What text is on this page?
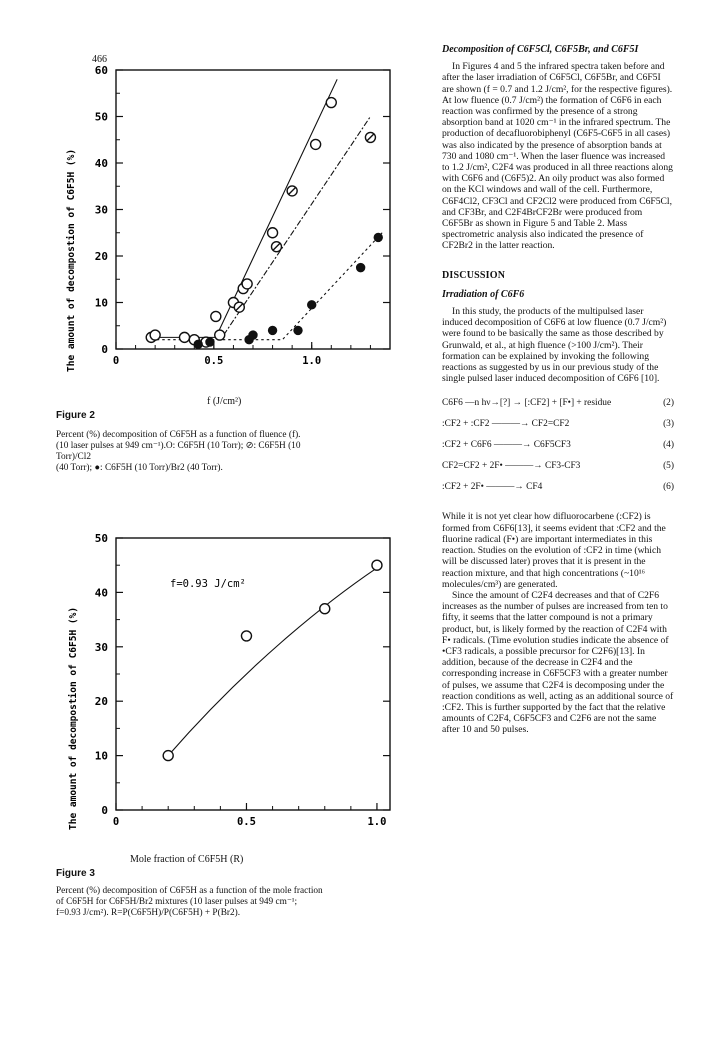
466
0
10
20
30
40
50
60
0	0.5	1.0
The amount of decompostion of C6F5H (%)
f (J/cm²)
Figure 2
Percent (%) decomposition of C6F5H as a function of fluence (f).
(10 laser pulses at 949 cm⁻¹).O: C6F5H (10 Torr); ⊘: C6F5H (10
Torr)/Cl2
(40 Torr); ●: C6F5H (10 Torr)/Br2 (40 Torr).
0
10
20
30
40
50
0	0.5	1.0
f=0.93 J/cm²
The amount of decompostion of C6F5H (%)
Mole fraction of C6F5H (R)
Figure 3
Percent (%) decomposition of C6F5H as a function of the mole fraction
of C6F5H for C6F5H/Br2 mixtures (10 laser pulses at 949 cm⁻¹;
f=0.93 J/cm²). R=P(C6F5H)/P(C6F5H) + P(Br2).
Decomposition of C6F5Cl, C6F5Br, and C6F5I

In Figures 4 and 5 the infrared spectra taken before and after the laser irradiation of C6F5Cl, C6F5Br, and C6F5I are shown (f = 0.7 and 1.2 J/cm², for the respective figures). At low fluence (0.7 J/cm²) the formation of C6F6 in each reaction was confirmed by the presence of a strong absorption band at 1020 cm⁻¹ in the infrared spectrum. The production of decafluorobiphenyl (C6F5-C6F5 in all cases) was also indicated by the presence of absorption bands at 730 and 1080 cm⁻¹. When the laser fluence was increased to 1.2 J/cm², C2F4 was produced in all three reactions along with C6F6 and (C6F5)2. An oily product was also formed on the KCl windows and wall of the cell. Furthermore, C6F4Cl2, CF3Cl and CF2Cl2 were produced from C6F5Cl, and CF3Br, and C2F4BrCF2Br were produced from C6F5Br as shown in Figure 5 and Table 2. Mass spectrometric analysis also indicated the presence of CF2Br2 in the latter reaction.

DISCUSSION
Irradiation of C6F6

In this study, the products of the multipulsed laser induced decomposition of C6F6 at low fluence (0.7 J/cm²) were found to be basically the same as those described by Grunwald, et al., at high fluence (>100 J/cm²). Their formation can be explained by invoking the following reactions as suggested by us in our previous study of the single pulsed laser induced decomposition of C6F6 [10].

C6F6 —n hν→[?] → [:CF2] + [F•] + residue	(2)
:CF2 + :CF2 ———→ CF2=CF2	(3)
:CF2 + C6F6 ———→ C6F5CF3	(4)
CF2=CF2 + 2F• ———→ CF3-CF3	(5)
:CF2 + 2F• ———→ CF4	(6)

While it is not yet clear how difluorocarbene (:CF2) is formed from C6F6[13], it seems evident that :CF2 and the fluorine radical (F•) are important intermediates in this reaction. Studies on the evolution of :CF2 in time (which will be discussed later) proves that it is present in the reaction mixture, and that high concentrations (~10¹⁶ molecules/cm³) are generated.

Since the amount of C2F4 decreases and that of C2F6 increases as the number of pulses are increased from ten to fifty, it seems that the latter compound is not a primary product, but, is likely formed by the reaction of C2F4 with F• radicals. (Time evolution studies indicate the absence of •CF3 radicals, a possible precursor for C2F6)[13]. In addition, because of the decrease in C2F4 and the corresponding increase in C6F5CF3 with a greater number of pulses, we assume that C2F4 is decomposing under the reaction conditions as well, acting as an additional source of :CF2. This is further supported by the fact that the relative amounts of C2F4, C6F5CF3 and C2F6 are not the same after 10 and 50 pulses.
